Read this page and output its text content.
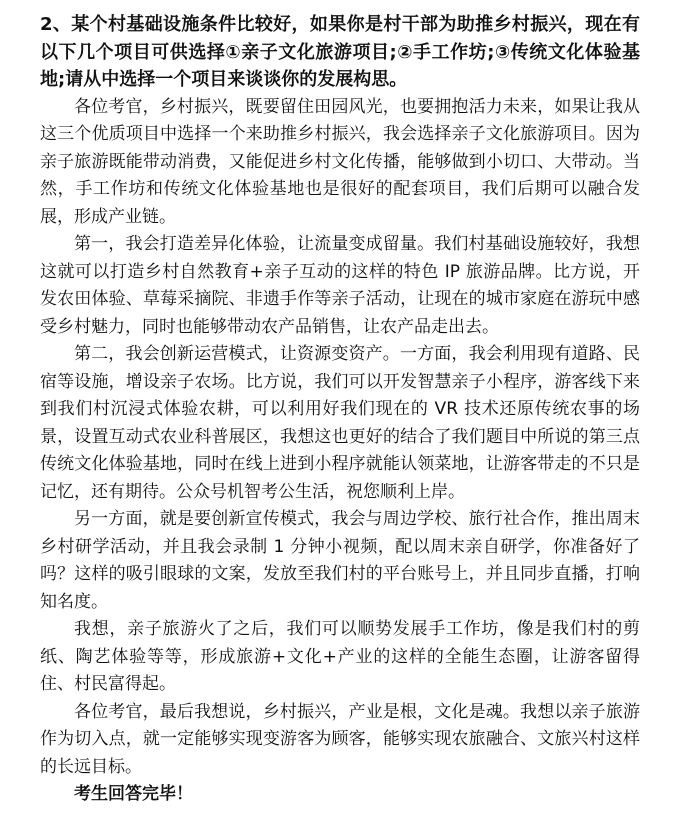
2、某个村基础设施条件比较好，如果你是村干部为助推乡村振兴，现在有以下几个项目可供选择①亲子文化旅游项目;②手工作坊;③传统文化体验基地;请从中选择一个项目来谈谈你的发展构思。

各位考官，乡村振兴，既要留住田园风光，也要拥抱活力未来，如果让我从这三个优质项目中选择一个来助推乡村振兴，我会选择亲子文化旅游项目。因为亲子旅游既能带动消费，又能促进乡村文化传播，能够做到小切口、大带动。当然，手工作坊和传统文化体验基地也是很好的配套项目，我们后期可以融合发展，形成产业链。

第一，我会打造差异化体验，让流量变成留量。我们村基础设施较好，我想这就可以打造乡村自然教育+亲子互动的这样的特色 IP 旅游品牌。比方说，开发农田体验、草莓采摘院、非遗手作等亲子活动，让现在的城市家庭在游玩中感受乡村魅力，同时也能够带动农产品销售，让农产品走出去。

第二，我会创新运营模式，让资源变资产。一方面，我会利用现有道路、民宿等设施，增设亲子农场。比方说，我们可以开发智慧亲子小程序，游客线下来到我们村沉浸式体验农耕，可以利用好我们现在的 VR 技术还原传统农事的场景，设置互动式农业科普展区，我想这也更好的结合了我们题目中所说的第三点传统文化体验基地，同时在线上进到小程序就能认领菜地，让游客带走的不只是记忆，还有期待。公众号机智考公生活，祝您顺利上岸。

另一方面，就是要创新宣传模式，我会与周边学校、旅行社合作，推出周末乡村研学活动，并且我会录制 1 分钟小视频，配以周末亲自研学，你准备好了吗？这样的吸引眼球的文案，发放至我们村的平台账号上，并且同步直播，打响知名度。

我想，亲子旅游火了之后，我们可以顺势发展手工作坊，像是我们村的剪纸、陶艺体验等等，形成旅游+文化+产业的这样的全能生态圈，让游客留得住、村民富得起。

各位考官，最后我想说，乡村振兴，产业是根，文化是魂。我想以亲子旅游作为切入点，就一定能够实现变游客为顾客，能够实现农旅融合、文旅兴村这样的长远目标。

考生回答完毕！
